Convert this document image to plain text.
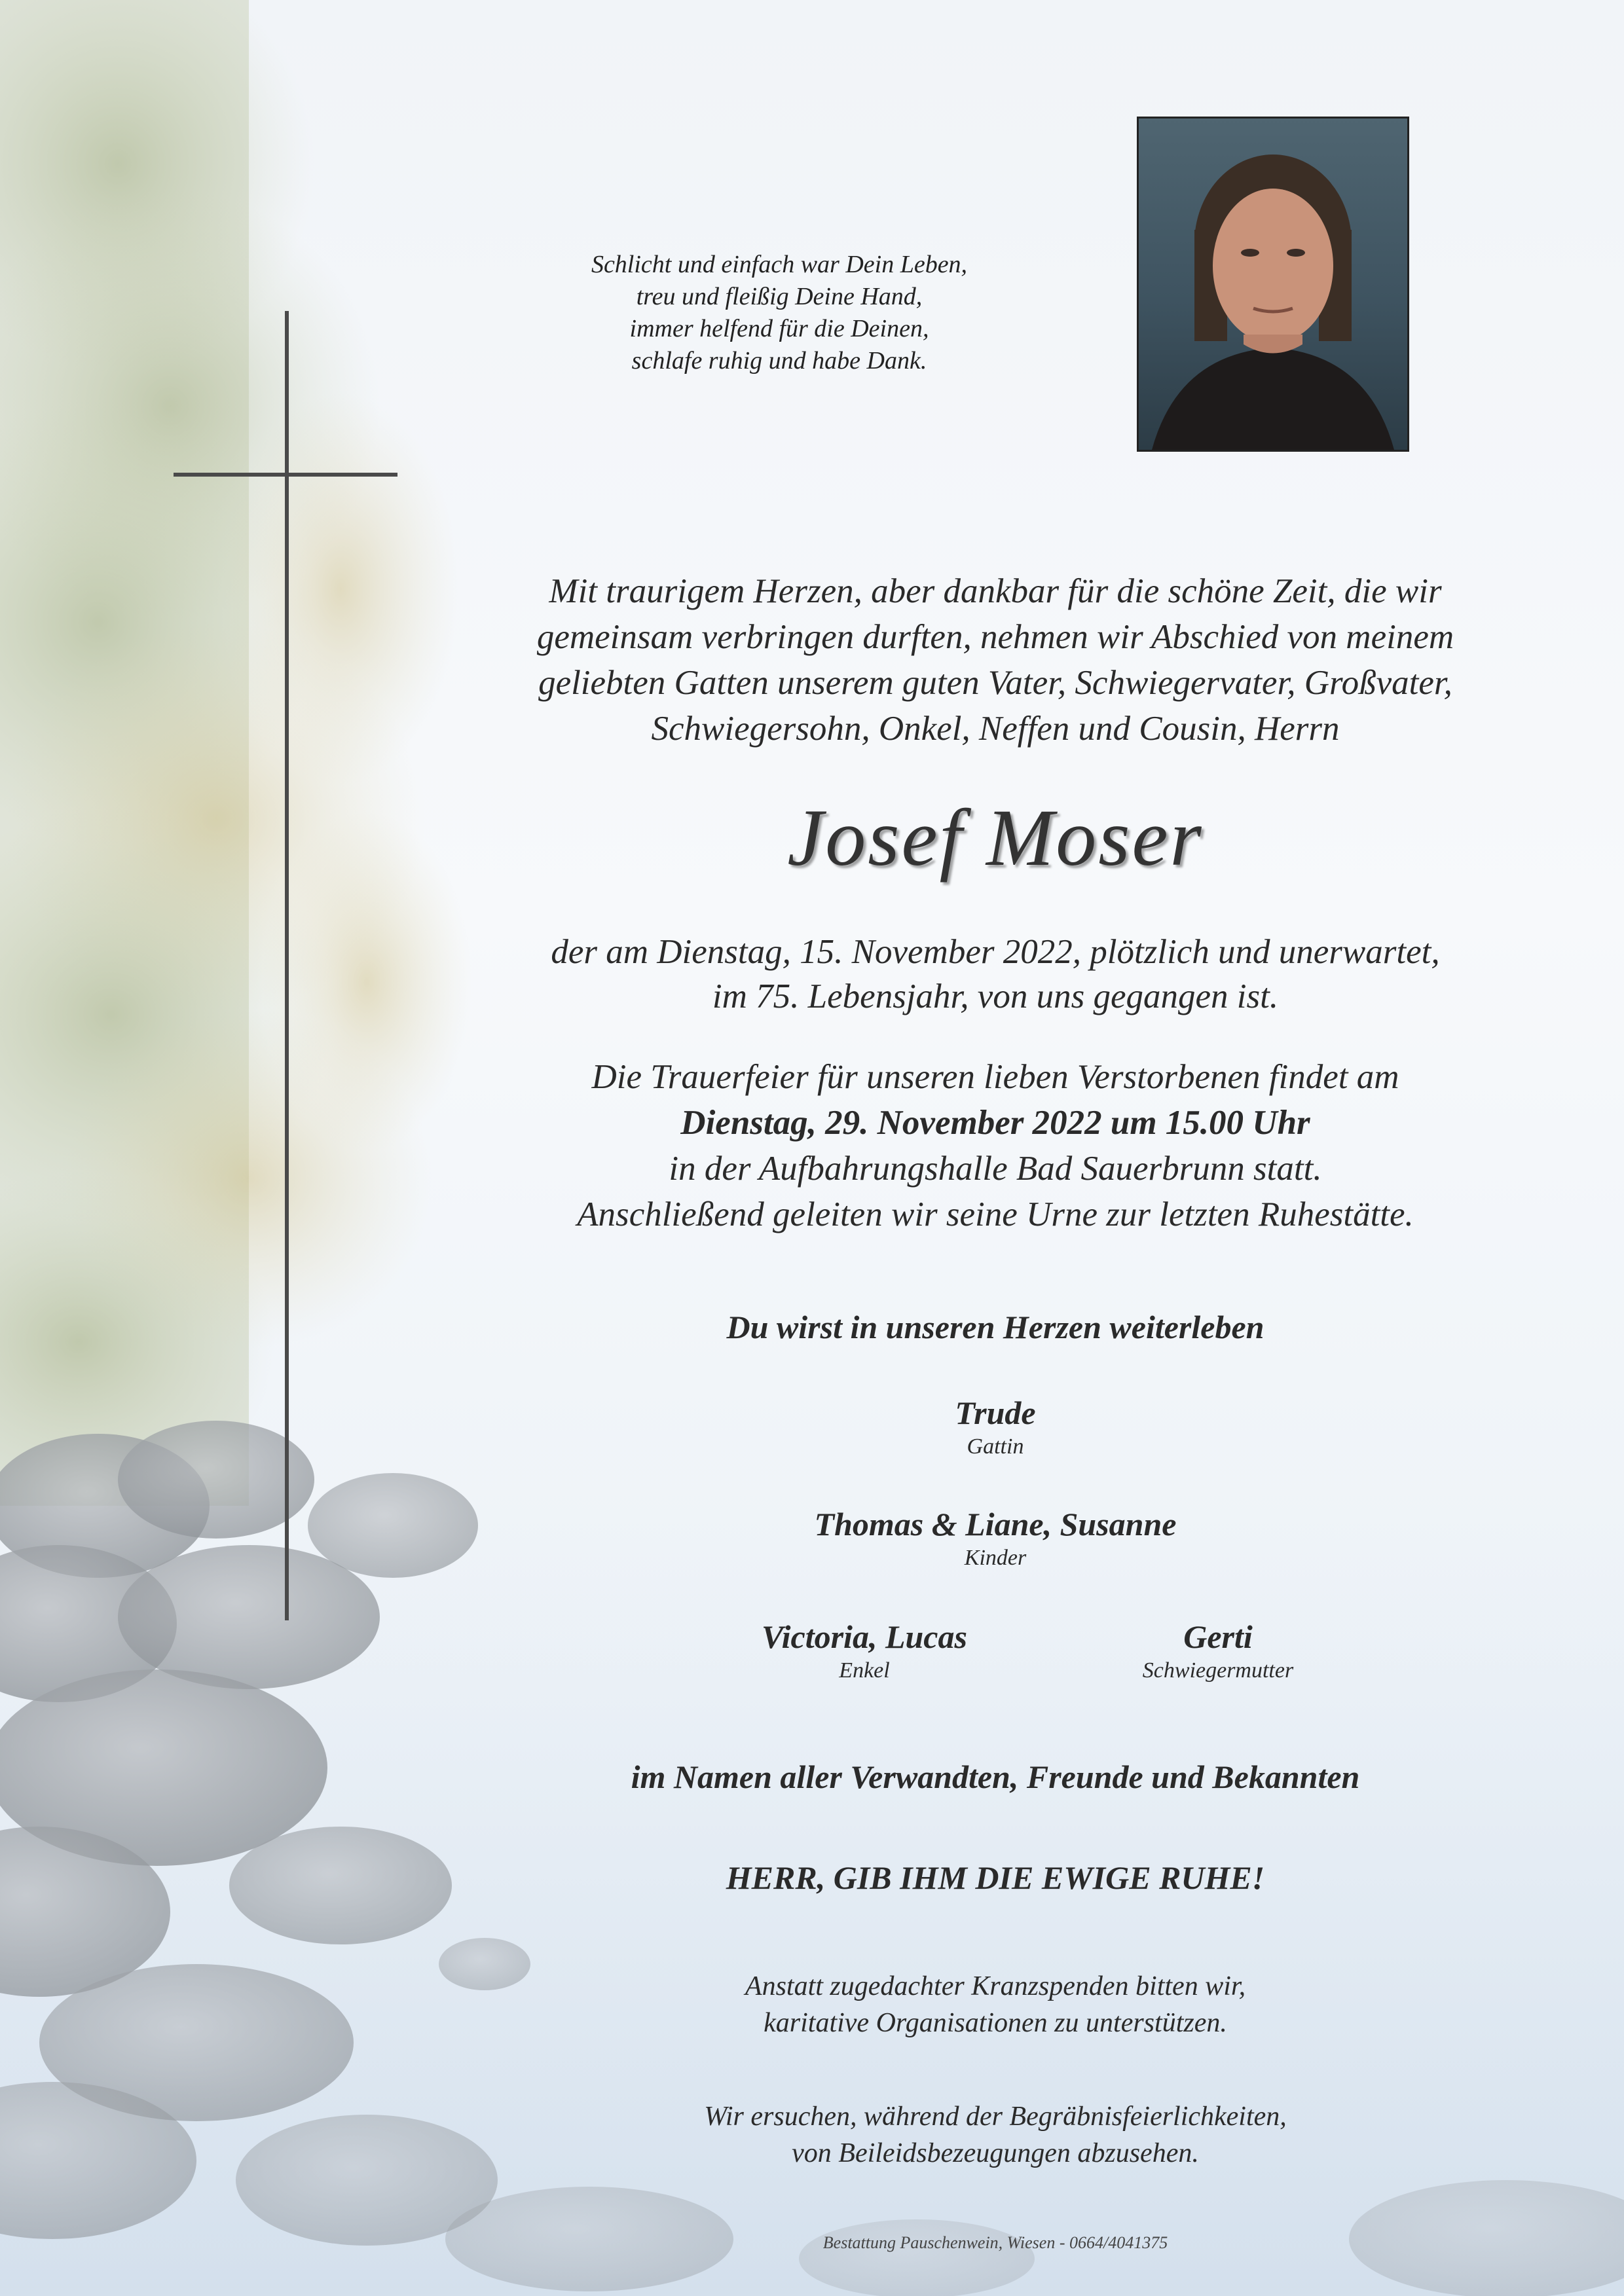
Schlicht und einfach war Dein Leben,
treu und fleißig Deine Hand,
immer helfend für die Deinen,
schlafe ruhig und habe Dank.
Mit traurigem Herzen, aber dankbar für die schöne Zeit, die wir
gemeinsam verbringen durften, nehmen wir Abschied von meinem
geliebten Gatten unserem guten Vater, Schwiegervater, Großvater,
Schwiegersohn, Onkel, Neffen und Cousin, Herrn
Josef Moser
der am Dienstag, 15. November 2022, plötzlich und unerwartet,
im 75. Lebensjahr, von uns gegangen ist.
Die Trauerfeier für unseren lieben Verstorbenen findet am
Dienstag, 29. November 2022 um 15.00 Uhr
in der Aufbahrungshalle Bad Sauerbrunn statt.
Anschließend geleiten wir seine Urne zur letzten Ruhestätte.
Du wirst in unseren Herzen weiterleben
Trude
Gattin
Thomas & Liane, Susanne
Kinder
Victoria, Lucas
Enkel
Gerti
Schwiegermutter
im Namen aller Verwandten, Freunde und Bekannten
HERR, GIB IHM DIE EWIGE RUHE!
Anstatt zugedachter Kranzspenden bitten wir,
karitative Organisationen zu unterstützen.
Wir ersuchen, während der Begräbnisfeierlichkeiten,
von Beileidsbezeugungen abzusehen.
Bestattung Pauschenwein, Wiesen - 0664/4041375
